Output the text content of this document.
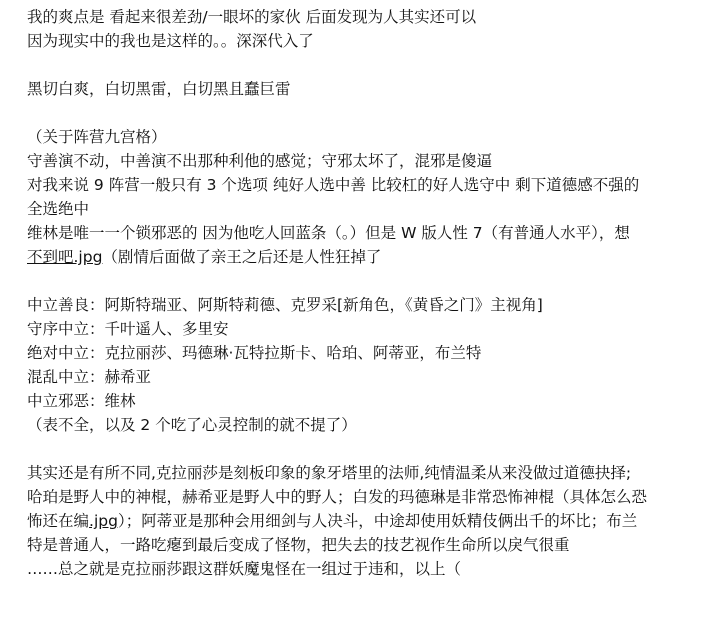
我的爽点是 看起来很差劲/一眼坏的家伙 后面发现为人其实还可以
因为现实中的我也是这样的。。深深代入了
黑切白爽，白切黑雷，白切黑且蠢巨雷
（关于阵营九宫格）
守善演不动，中善演不出那种利他的感觉；守邪太坏了，混邪是傻逼
对我来说 9 阵营一般只有 3 个选项 纯好人选中善 比较杠的好人选守中 剩下道德感不强的
全选绝中
维林是唯一一个锁邪恶的 因为他吃人回蓝条（。）但是 W 版人性 7（有普通人水平），想
不到吧.jpg（剧情后面做了亲王之后还是人性狂掉了
中立善良：阿斯特瑞亚、阿斯特莉德、克罗采[新角色，《黄昏之门》主视角]
守序中立：千叶遥人、多里安
绝对中立：克拉丽莎、玛德琳·瓦特拉斯卡、哈珀、阿蒂亚，布兰特
混乱中立：赫希亚
中立邪恶：维林
（表不全，以及 2 个吃了心灵控制的就不提了）
其实还是有所不同,克拉丽莎是刻板印象的象牙塔里的法师,纯情温柔从来没做过道德抉择;
哈珀是野人中的神棍，赫希亚是野人中的野人；白发的玛德琳是非常恐怖神棍（具体怎么恐
怖还在编.jpg）；阿蒂亚是那种会用细剑与人决斗，中途却使用妖精伎俩出千的坏比；布兰
特是普通人，一路吃瘪到最后变成了怪物，把失去的技艺视作生命所以戾气很重
……总之就是克拉丽莎跟这群妖魔鬼怪在一组过于违和，以上（
